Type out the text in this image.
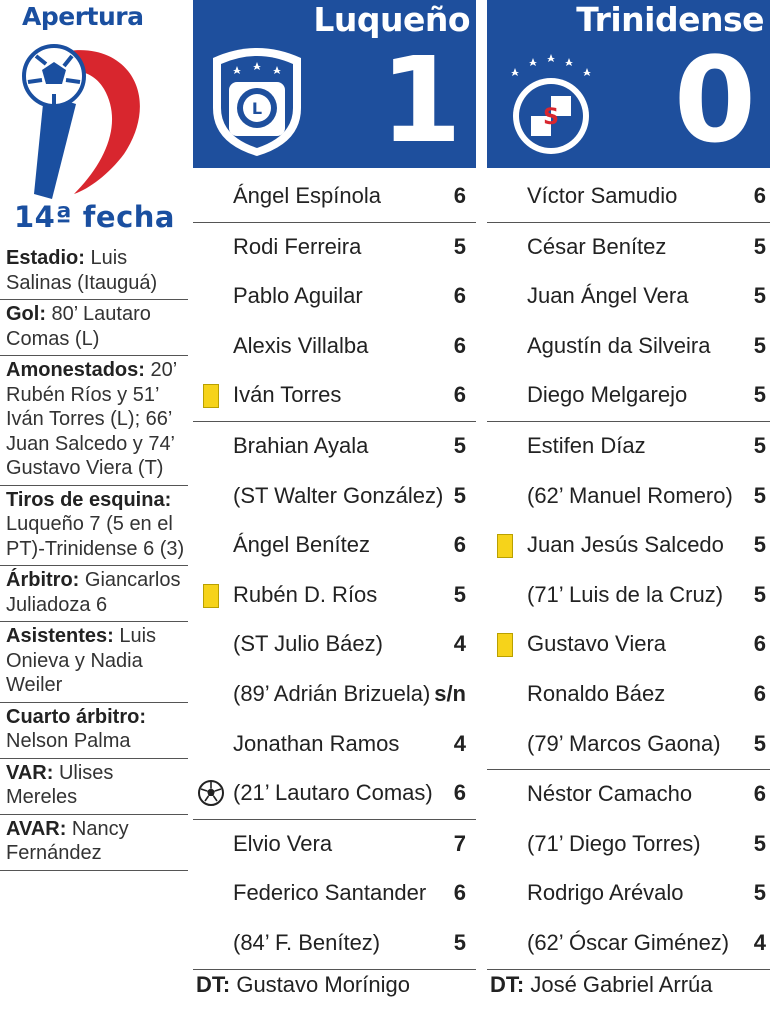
Apertura
14ª fecha
Estadio: Luis Salinas (Itauguá)
Gol: 80’ Lautaro Comas (L)
Amonestados: 20’ Rubén Ríos y 51’ Iván Torres (L); 66’ Juan Salcedo y 74’ Gustavo Viera (T)
Tiros de esquina: Luqueño 7 (5 en el PT)-Trinidense 6 (3)
Árbitro: Giancarlos Juliadoza 6
Asistentes: Luis Onieva y Nadia Weiler
Cuarto árbitro: Nelson Palma
VAR: Ulises Mereles
AVAR: Nancy Fernández
L
Luqueño
1	S
Trinidense
0
Ángel Espínola	6
Rodi Ferreira	5
Pablo Aguilar	6
Alexis Villalba	6
Iván Torres	6
Brahian Ayala	5
(ST Walter González) 5
Ángel Benítez	6
Rubén D. Ríos	5
(ST Julio Báez)	4
(89’ Adrián Brizuela) s/n
Jonathan Ramos 4
(21’ Lautaro Comas) 6
Elvio Vera	7
Federico Santander 6
(84’ F. Benítez)	5
Víctor Samudio	6
César Benítez	5
Juan Ángel Vera	5
Agustín da Silveira 5
Diego Melgarejo	5
Estifen Díaz	5
(62’ Manuel Romero) 5
Juan Jesús Salcedo 5
(71’ Luis de la Cruz) 5
Gustavo Viera	6
Ronaldo Báez	6
(79’ Marcos Gaona) 5
Néstor Camacho	6
(71’ Diego Torres) 5
Rodrigo Arévalo	5
(62’ Óscar Giménez) 4
DT: Gustavo Morínigo	DT: José Gabriel Arrúa
